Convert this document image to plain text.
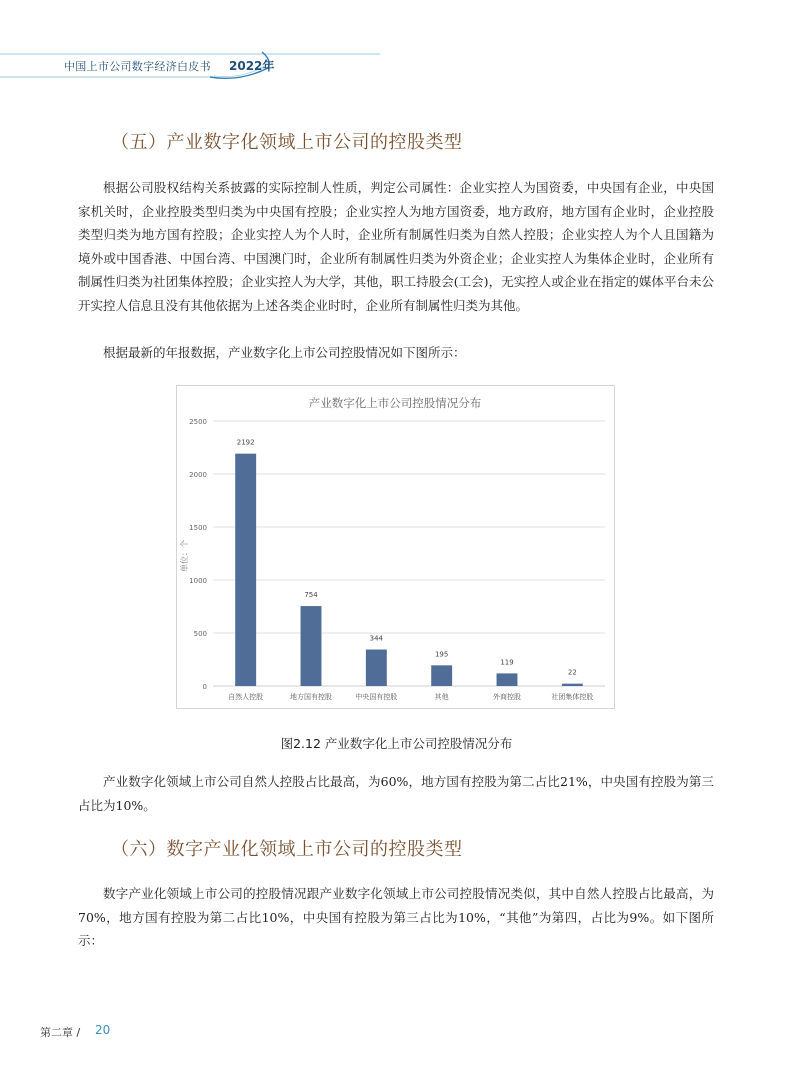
中国上市公司数字经济白皮书 2022年
（五）产业数字化领域上市公司的控股类型

根据公司股权结构关系披露的实际控制人性质，判定公司属性：企业实控人为国资委，中央国有企业，中央国家机关时，企业控股类型归类为中央国有控股；企业实控人为地方国资委，地方政府，地方国有企业时，企业控股类型归类为地方国有控股；企业实控人为个人时，企业所有制属性归类为自然人控股；企业实控人为个人且国籍为境外或中国香港、中国台湾、中国澳门时，企业所有制属性归类为外资企业；企业实控人为集体企业时，企业所有制属性归类为社团集体控股；企业实控人为大学，其他，职工持股会(工会)，无实控人或企业在指定的媒体平台未公开实控人信息且没有其他依据为上述各类企业时时，企业所有制属性归类为其他。

根据最新的年报数据，产业数字化上市公司控股情况如下图所示：

产业数字化上市公司控股情况分布
单位：个
0
500
1000
1500
2000
2500
2192
自然人控股
754
地方国有控股
344
中央国有控股
195
其他
119
外商控股
22
社团集体控股
图2.12 产业数字化上市公司控股情况分布

产业数字化领域上市公司自然人控股占比最高，为60%，地方国有控股为第二占比21%，中央国有控股为第三占比为10%。

（六）数字产业化领域上市公司的控股类型

数字产业化领域上市公司的控股情况跟产业数字化领域上市公司控股情况类似，其中自然人控股占比最高，为70%，地方国有控股为第二占比10%，中央国有控股为第三占比为10%，“其他”为第四，占比为9%。如下图所示：

第二章 / 20
